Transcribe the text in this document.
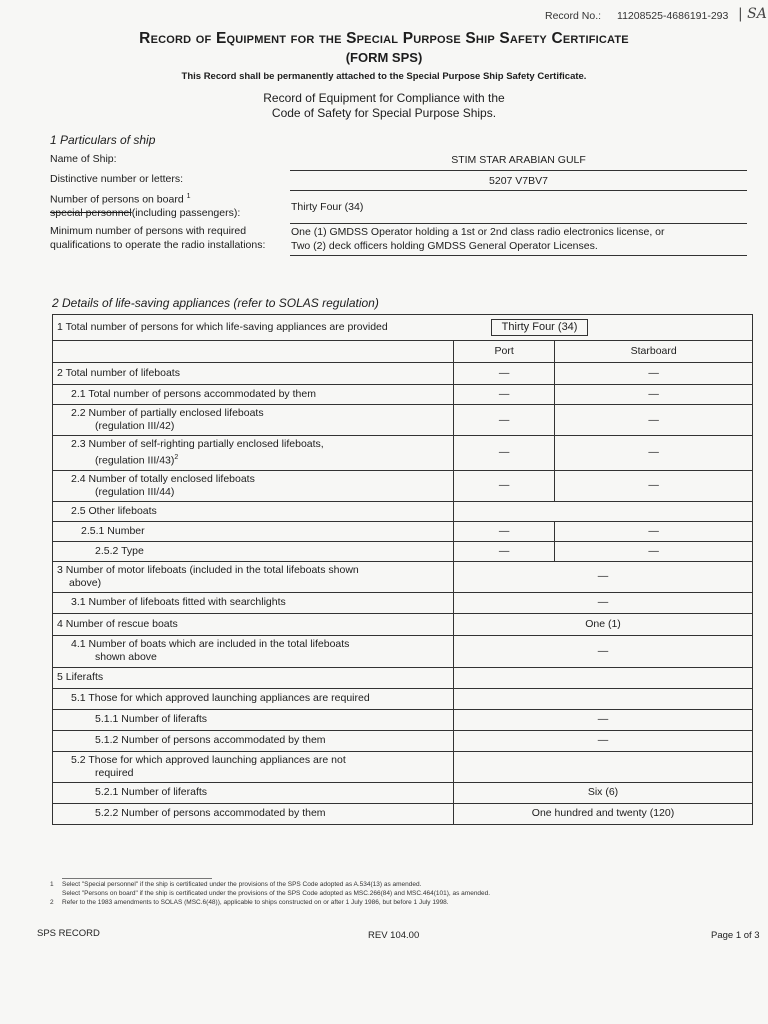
Record No.: 11208525-4686191-293 | SA
Record of Equipment for the Special Purpose Ship Safety Certificate
(FORM SPS)
This Record shall be permanently attached to the Special Purpose Ship Safety Certificate.
Record of Equipment for Compliance with the
Code of Safety for Special Purpose Ships.
1 Particulars of ship
Name of Ship:	STIM STAR ARABIAN GULF
Distinctive number or letters:	5207 V7BV7
Number of persons on board $^1$
special personnel(including passengers):	Thirty Four (34)
Minimum number of persons with required
qualifications to operate the radio installations:
One (1) GMDSS Operator holding a 1st or 2nd class radio electronics license, or
Two (2) deck officers holding GMDSS General Operator Licenses.
2 Details of life-saving appliances (refer to SOLAS regulation)
1 Total number of persons for which life-saving appliances are provided Thirty Four (34)		
	Port	Starboard
2 Total number of lifeboats	—	—
2.1 Total number of persons accommodated by them	—	—

2.2 Number of partially enclosed lifeboats
(regulation III/42)	—	—

2.3 Number of self-righting partially enclosed lifeboats,
(regulation III/43)$^2$	—	—

2.4 Number of totally enclosed lifeboats
(regulation III/44)	—	—
2.5 Other lifeboats		
2.5.1 Number	—	—
2.5.2 Type	—	—

3 Number of motor lifeboats (included in the total lifeboats shown
above)	—	
3.1 Number of lifeboats fitted with searchlights	—	
4 Number of rescue boats	One (1)	

4.1 Number of boats which are included in the total lifeboats
shown above	—	
5 Liferafts		
5.1 Those for which approved launching appliances are required		
5.1.1 Number of liferafts	—	
5.1.2 Number of persons accommodated by them	—	

5.2 Those for which approved launching appliances are not
required		

5.2.1 Number of liferafts	Six (6)	
5.2.2 Number of persons accommodated by them	One hundred and twenty (120)	
1 Select "Special personnel" if the ship is certificated under the provisions of the SPS Code adopted as A.534(13) as amended.
Select "Persons on board" if the ship is certificated under the provisions of the SPS Code adopted as MSC.266(84) and MSC.464(101), as amended.
2 Refer to the 1983 amendments to SOLAS (MSC.6(48)), applicable to ships constructed on or after 1 July 1986, but before 1 July 1998.
SPS RECORD	REV 104.00	Page 1 of 3
